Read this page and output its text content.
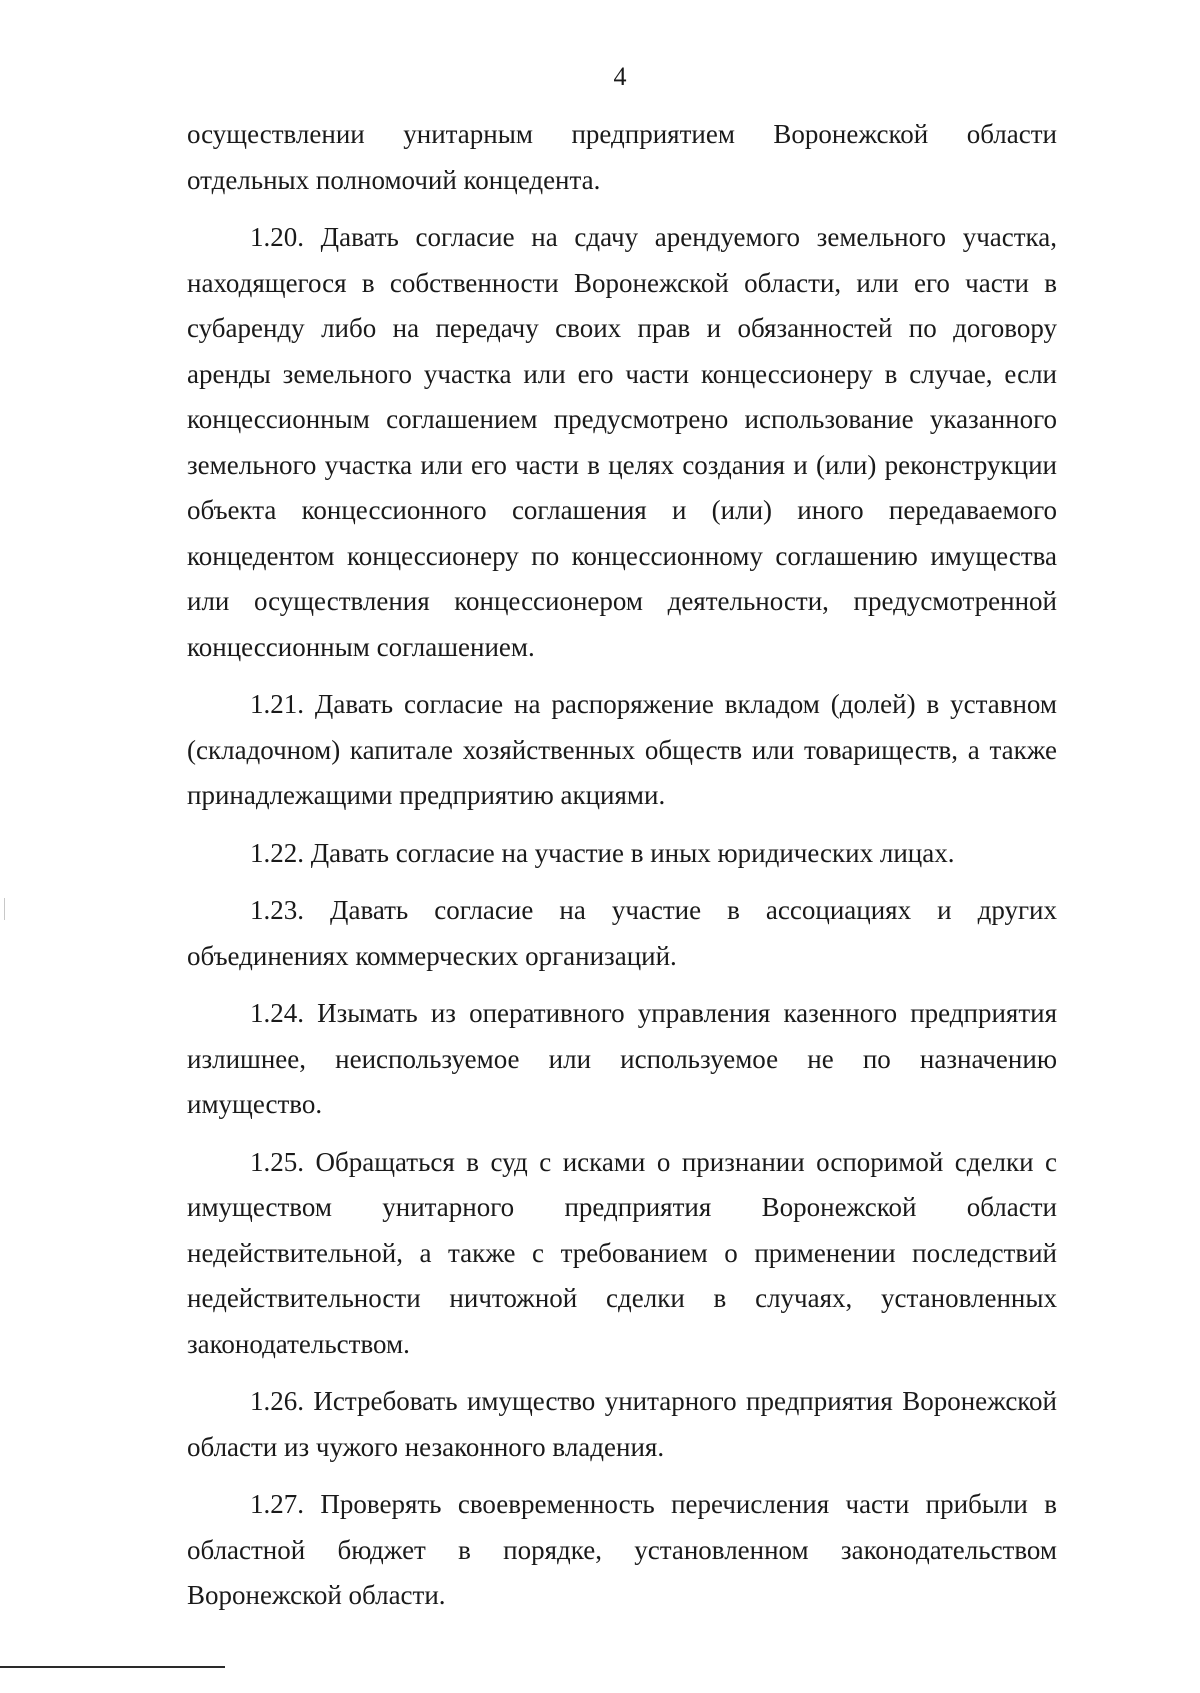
4

осуществлении унитарным предприятием Воронежской области отдельных полномочий концедента.

1.20. Давать согласие на сдачу арендуемого земельного участка, находящегося в собственности Воронежской области, или его части в субаренду либо на передачу своих прав и обязанностей по договору аренды земельного участка или его части концессионеру в случае, если концессионным соглашением предусмотрено использование указанного земельного участка или его части в целях создания и (или) реконструкции объекта концессионного соглашения и (или) иного передаваемого концедентом концессионеру по концессионному соглашению имущества или осуществления концессионером деятельности, предусмотренной концессионным соглашением.

1.21. Давать согласие на распоряжение вкладом (долей) в уставном (складочном) капитале хозяйственных обществ или товариществ, а также принадлежащими предприятию акциями.

1.22. Давать согласие на участие в иных юридических лицах.

1.23. Давать согласие на участие в ассоциациях и других объединениях коммерческих организаций.

1.24. Изымать из оперативного управления казенного предприятия излишнее, неиспользуемое или используемое не по назначению имущество.

1.25. Обращаться в суд с исками о признании оспоримой сделки с имуществом унитарного предприятия Воронежской области недействительной, а также с требованием о применении последствий недействительности ничтожной сделки в случаях, установленных законодательством.

1.26. Истребовать имущество унитарного предприятия Воронежской области из чужого незаконного владения.

1.27. Проверять своевременность перечисления части прибыли в областной бюджет в порядке, установленном законодательством Воронежской области.
